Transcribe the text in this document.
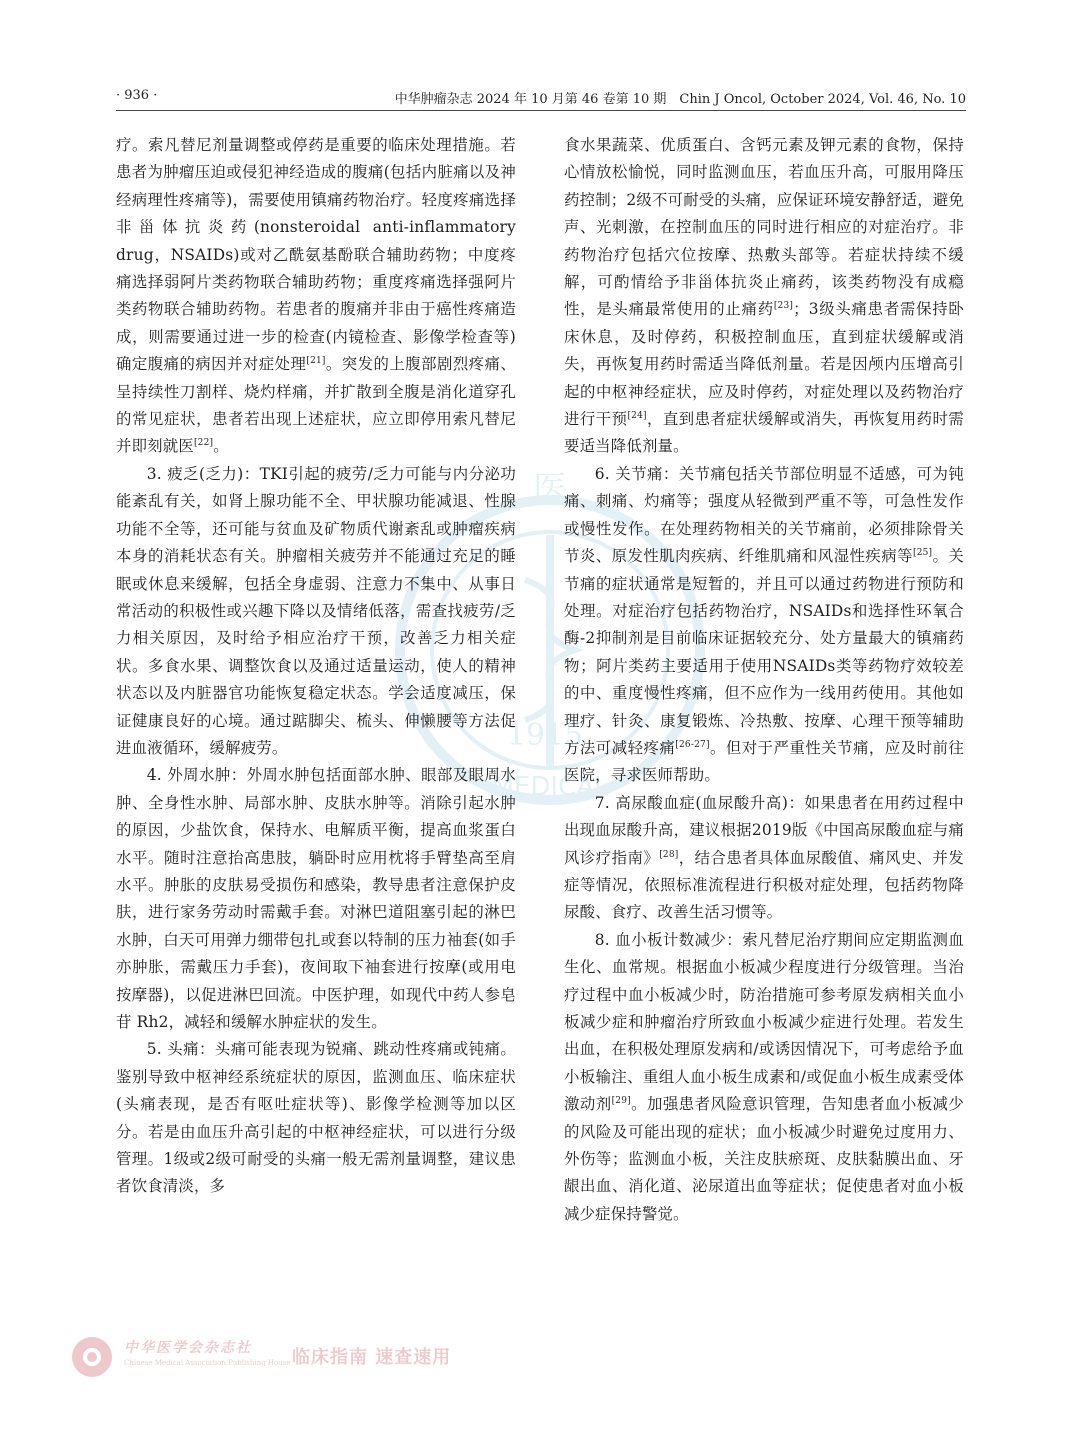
医
1915
MEDICAL
· 936 ·	中华肿瘤杂志 2024 年 10 月第 46 卷第 10 期　Chin J Oncol, October 2024, Vol. 46, No. 10

疗。索凡替尼剂量调整或停药是重要的临床处理措施。若患者为肿瘤压迫或侵犯神经造成的腹痛(包括内脏痛以及神经病理性疼痛等)，需要使用镇痛药物治疗。轻度疼痛选择非甾体抗炎药(nonsteroidal anti-inflammatory drug，NSAIDs)或对乙酰氨基酚联合辅助药物；中度疼痛选择弱阿片类药物联合辅助药物；重度疼痛选择强阿片类药物联合辅助药物。若患者的腹痛并非由于癌性疼痛造成，则需要通过进一步的检查(内镜检查、影像学检查等)确定腹痛的病因并对症处理[21]。突发的上腹部剧烈疼痛、呈持续性刀割样、烧灼样痛，并扩散到全腹是消化道穿孔的常见症状，患者若出现上述症状，应立即停用索凡替尼并即刻就医[22]。

3. 疲乏(乏力)：TKI引起的疲劳/乏力可能与内分泌功能紊乱有关，如肾上腺功能不全、甲状腺功能减退、性腺功能不全等，还可能与贫血及矿物质代谢紊乱或肿瘤疾病本身的消耗状态有关。肿瘤相关疲劳并不能通过充足的睡眠或休息来缓解，包括全身虚弱、注意力不集中、从事日常活动的积极性或兴趣下降以及情绪低落，需查找疲劳/乏力相关原因，及时给予相应治疗干预，改善乏力相关症状。多食水果、调整饮食以及通过适量运动，使人的精神状态以及内脏器官功能恢复稳定状态。学会适度减压，保证健康良好的心境。通过踮脚尖、梳头、伸懒腰等方法促进血液循环，缓解疲劳。

4. 外周水肿：外周水肿包括面部水肿、眼部及眼周水肿、全身性水肿、局部水肿、皮肤水肿等。消除引起水肿的原因，少盐饮食，保持水、电解质平衡，提高血浆蛋白水平。随时注意抬高患肢，躺卧时应用枕将手臂垫高至肩水平。肿胀的皮肤易受损伤和感染，教导患者注意保护皮肤，进行家务劳动时需戴手套。对淋巴道阻塞引起的淋巴水肿，白天可用弹力绷带包扎或套以特制的压力袖套(如手亦肿胀，需戴压力手套)，夜间取下袖套进行按摩(或用电按摩器)，以促进淋巴回流。中医护理，如现代中药人参皂苷 Rh2，减轻和缓解水肿症状的发生。

5. 头痛：头痛可能表现为锐痛、跳动性疼痛或钝痛。鉴别导致中枢神经系统症状的原因，监测血压、临床症状(头痛表现，是否有呕吐症状等)、影像学检测等加以区分。若是由血压升高引起的中枢神经症状，可以进行分级管理。1级或2级可耐受的头痛一般无需剂量调整，建议患者饮食清淡，多

食水果蔬菜、优质蛋白、含钙元素及钾元素的食物，保持心情放松愉悦，同时监测血压，若血压升高，可服用降压药控制；2级不可耐受的头痛，应保证环境安静舒适，避免声、光刺激，在控制血压的同时进行相应的对症治疗。非药物治疗包括穴位按摩、热敷头部等。若症状持续不缓解，可酌情给予非甾体抗炎止痛药，该类药物没有成瘾性，是头痛最常使用的止痛药[23]；3级头痛患者需保持卧床休息，及时停药，积极控制血压，直到症状缓解或消失，再恢复用药时需适当降低剂量。若是因颅内压增高引起的中枢神经症状，应及时停药，对症处理以及药物治疗进行干预[24]，直到患者症状缓解或消失，再恢复用药时需要适当降低剂量。

6. 关节痛：关节痛包括关节部位明显不适感，可为钝痛、刺痛、灼痛等；强度从轻微到严重不等，可急性发作或慢性发作。在处理药物相关的关节痛前，必须排除骨关节炎、原发性肌肉疾病、纤维肌痛和风湿性疾病等[25]。关节痛的症状通常是短暂的，并且可以通过药物进行预防和处理。对症治疗包括药物治疗，NSAIDs和选择性环氧合酶-2抑制剂是目前临床证据较充分、处方量最大的镇痛药物；阿片类药主要适用于使用NSAIDs类等药物疗效较差的中、重度慢性疼痛，但不应作为一线用药使用。其他如理疗、针灸、康复锻炼、冷热敷、按摩、心理干预等辅助方法可减轻疼痛[26-27]。但对于严重性关节痛，应及时前往医院，寻求医师帮助。

7. 高尿酸血症(血尿酸升高)：如果患者在用药过程中出现血尿酸升高，建议根据2019版《中国高尿酸血症与痛风诊疗指南》[28]，结合患者具体血尿酸值、痛风史、并发症等情况，依照标准流程进行积极对症处理，包括药物降尿酸、食疗、改善生活习惯等。

8. 血小板计数减少：索凡替尼治疗期间应定期监测血生化、血常规。根据血小板减少程度进行分级管理。当治疗过程中血小板减少时，防治措施可参考原发病相关血小板减少症和肿瘤治疗所致血小板减少症进行处理。若发生出血，在积极处理原发病和/或诱因情况下，可考虑给予血小板输注、重组人血小板生成素和/或促血小板生成素受体激动剂[29]。加强患者风险意识管理，告知患者血小板减少的风险及可能出现的症状；血小板减少时避免过度用力、外伤等；监测血小板，关注皮肤瘀斑、皮肤黏膜出血、牙龈出血、消化道、泌尿道出血等症状；促使患者对血小板减少症保持警觉。

中华医学会杂志社
Chinese Medical Association Publishing House 临床指南 速查速用
